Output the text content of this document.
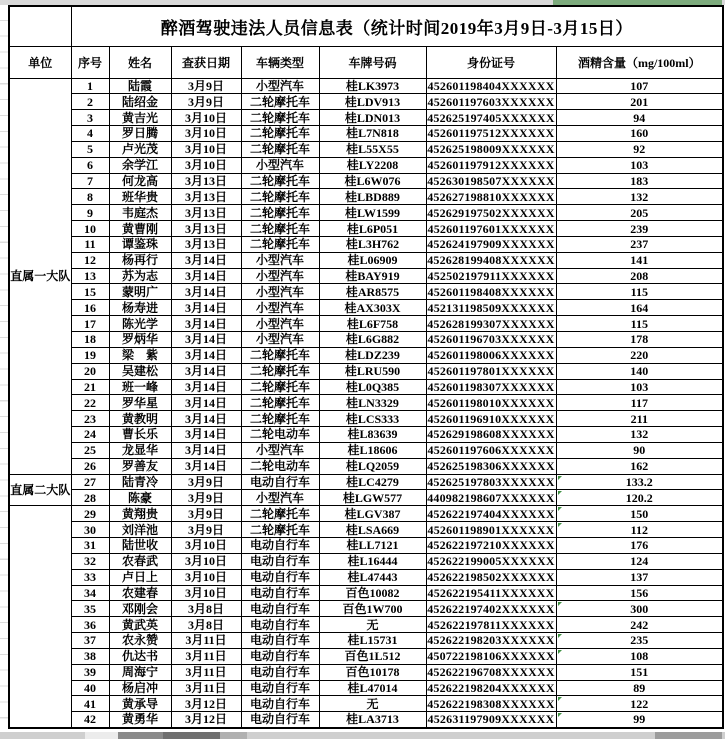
	醉酒驾驶违法人员信息表（统计时间2019年3月9日-3月15日）						
单位	序号	姓名	查获日期	车辆类型	车牌号码	身份证号	酒精含量（mg/100ml）
直属一大队	1	陆霞	3月9日	小型汽车	桂LK3973	452601198404XXXXXX	107
	2	陆绍金	3月9日	二轮摩托车	桂LDV913	452601197603XXXXXX	201
	3	黄吉光	3月10日	二轮摩托车	桂LDN013	452625197405XXXXXX	94
	4	罗日腾	3月10日	二轮摩托车	桂L7N818	452601197512XXXXXX	160
	5	卢光茂	3月10日	二轮摩托车	桂L55X55	452625198009XXXXXX	92
	6	余学江	3月10日	小型汽车	桂LY2208	452601197912XXXXXX	103
	7	何龙高	3月13日	二轮摩托车	桂L6W076	452630198507XXXXXX	183
	8	班华贵	3月13日	二轮摩托车	桂LBD889	452627198810XXXXXX	132
	9	韦庭杰	3月13日	二轮摩托车	桂LW1599	452629197502XXXXXX	205
	10	黄曹刚	3月13日	二轮摩托车	桂L6P051	452601197601XXXXXX	239
	11	谭鉴珠	3月13日	二轮摩托车	桂L3H762	452624197909XXXXXX	237
	12	杨再行	3月14日	小型汽车	桂L06909	452628199408XXXXXX	141
	13	苏为志	3月14日	小型汽车	桂BAY919	452502197911XXXXXX	208
	15	蒙明广	3月14日	小型汽车	桂AR8575	452601198408XXXXXX	115
	16	杨寿进	3月14日	小型汽车	桂AX303X	452131198509XXXXXX	164
	17	陈光学	3月14日	小型汽车	桂L6F758	452628199307XXXXXX	115
	18	罗炳华	3月14日	小型汽车	桂L6G882	452601196703XXXXXX	178
	19	梁　紫	3月14日	二轮摩托车	桂LDZ239	452601198006XXXXXX	220
	20	吴建松	3月14日	二轮摩托车	桂LRU590	452601197801XXXXXX	140
	21	班一峰	3月14日	二轮摩托车	桂L0Q385	452601198307XXXXXX	103
	22	罗华星	3月14日	二轮摩托车	桂LN3329	452601198010XXXXXX	117
	23	黄教明	3月14日	二轮摩托车	桂LCS333	452601196910XXXXXX	211
	24	曹长乐	3月14日	二轮电动车	桂L83639	452629198608XXXXXX	132
	25	龙显华	3月14日	小型汽车	桂L18606	452601197606XXXXXX	90
	26	罗善友	3月14日	二轮电动车	桂LQ2059	452625198306XXXXXX	162
直属二大队	27	陆青冷	3月9日	电动自行车	桂LC4279	452625197803XXXXXX	133.2
	28	陈豪	3月9日	小型汽车	桂LGW577	440982198607XXXXXX	120.2
	29	黄翔贵	3月9日	二轮摩托车	桂LGV387	452622197404XXXXXX	150
	30	刘洋池	3月9日	二轮摩托车	桂LSA669	452601198901XXXXXX	112
	31	陆世收	3月10日	电动自行车	桂LL7121	452622197210XXXXXX	176
	32	农春武	3月10日	电动自行车	桂L16444	452622199005XXXXXX	124
	33	卢日上	3月10日	电动自行车	桂L47443	452622198502XXXXXX	137
	34	农建春	3月10日	电动自行车	百色10082	452622195411XXXXXX	156
	35	邓刚会	3月8日	电动自行车	百色1W700	452622197402XXXXXX	300
	36	黄武英	3月8日	电动自行车	无	452622197811XXXXXX	242
	37	农永赞	3月11日	电动自行车	桂L15731	452622198203XXXXXX	235
	38	仇达书	3月11日	电动自行车	百色1L512	450722198106XXXXXX	108
	39	周海宁	3月11日	电动自行车	百色10178	452622196708XXXXXX	151
	40	杨启冲	3月11日	电动自行车	桂L47014	452622198204XXXXXX	89
	41	黄承导	3月12日	电动自行车	无	452622198308XXXXXX	122
	42	黄勇华	3月12日	电动自行车	桂LA3713	452631197909XXXXXX	99
